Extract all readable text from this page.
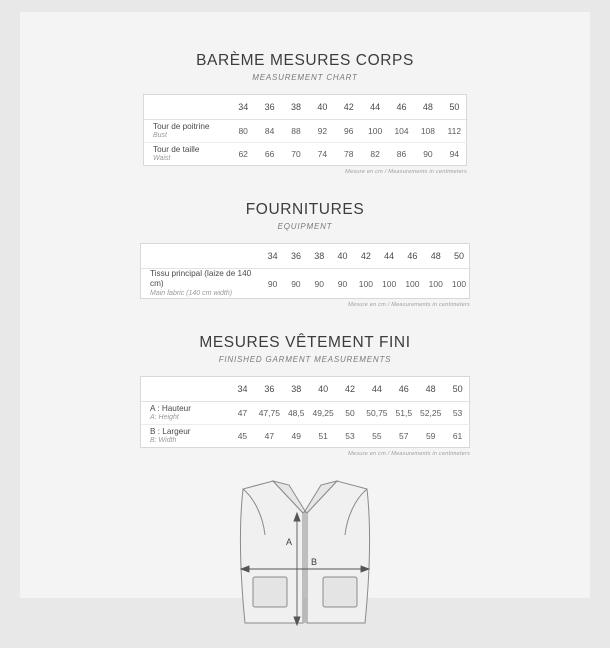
BARÈME MESURES CORPS
MEASUREMENT CHART
	34	36	38	40	42	44	46	48	50

Tour de poitrine
Bust	80	84	88	92	96	100	104	108	112

Tour de taille
Waist	62	66	70	74	78	82	86	90	94
Mesure en cm / Measurements in centimeters
FOURNITURES
EQUIPMENT
	34	36	38	40	42	44	46	48	50

Tissu principal (laize de 140 cm)
Main fabric (140 cm width)	90	90	90	90	100	100	100	100	100
Mesure en cm / Measurements in centimeters
MESURES VÊTEMENT FINI
FINISHED GARMENT MEASUREMENTS
	34	36	38	40	42	44	46	48	50

A : Hauteur
A: Height	47	47,75	48,5	49,25	50	50,75	51,5	52,25	53

B : Largeur
B: Width	45	47	49	51	53	55	57	59	61
Mesure en cm / Measurements in centimeters
A
B
